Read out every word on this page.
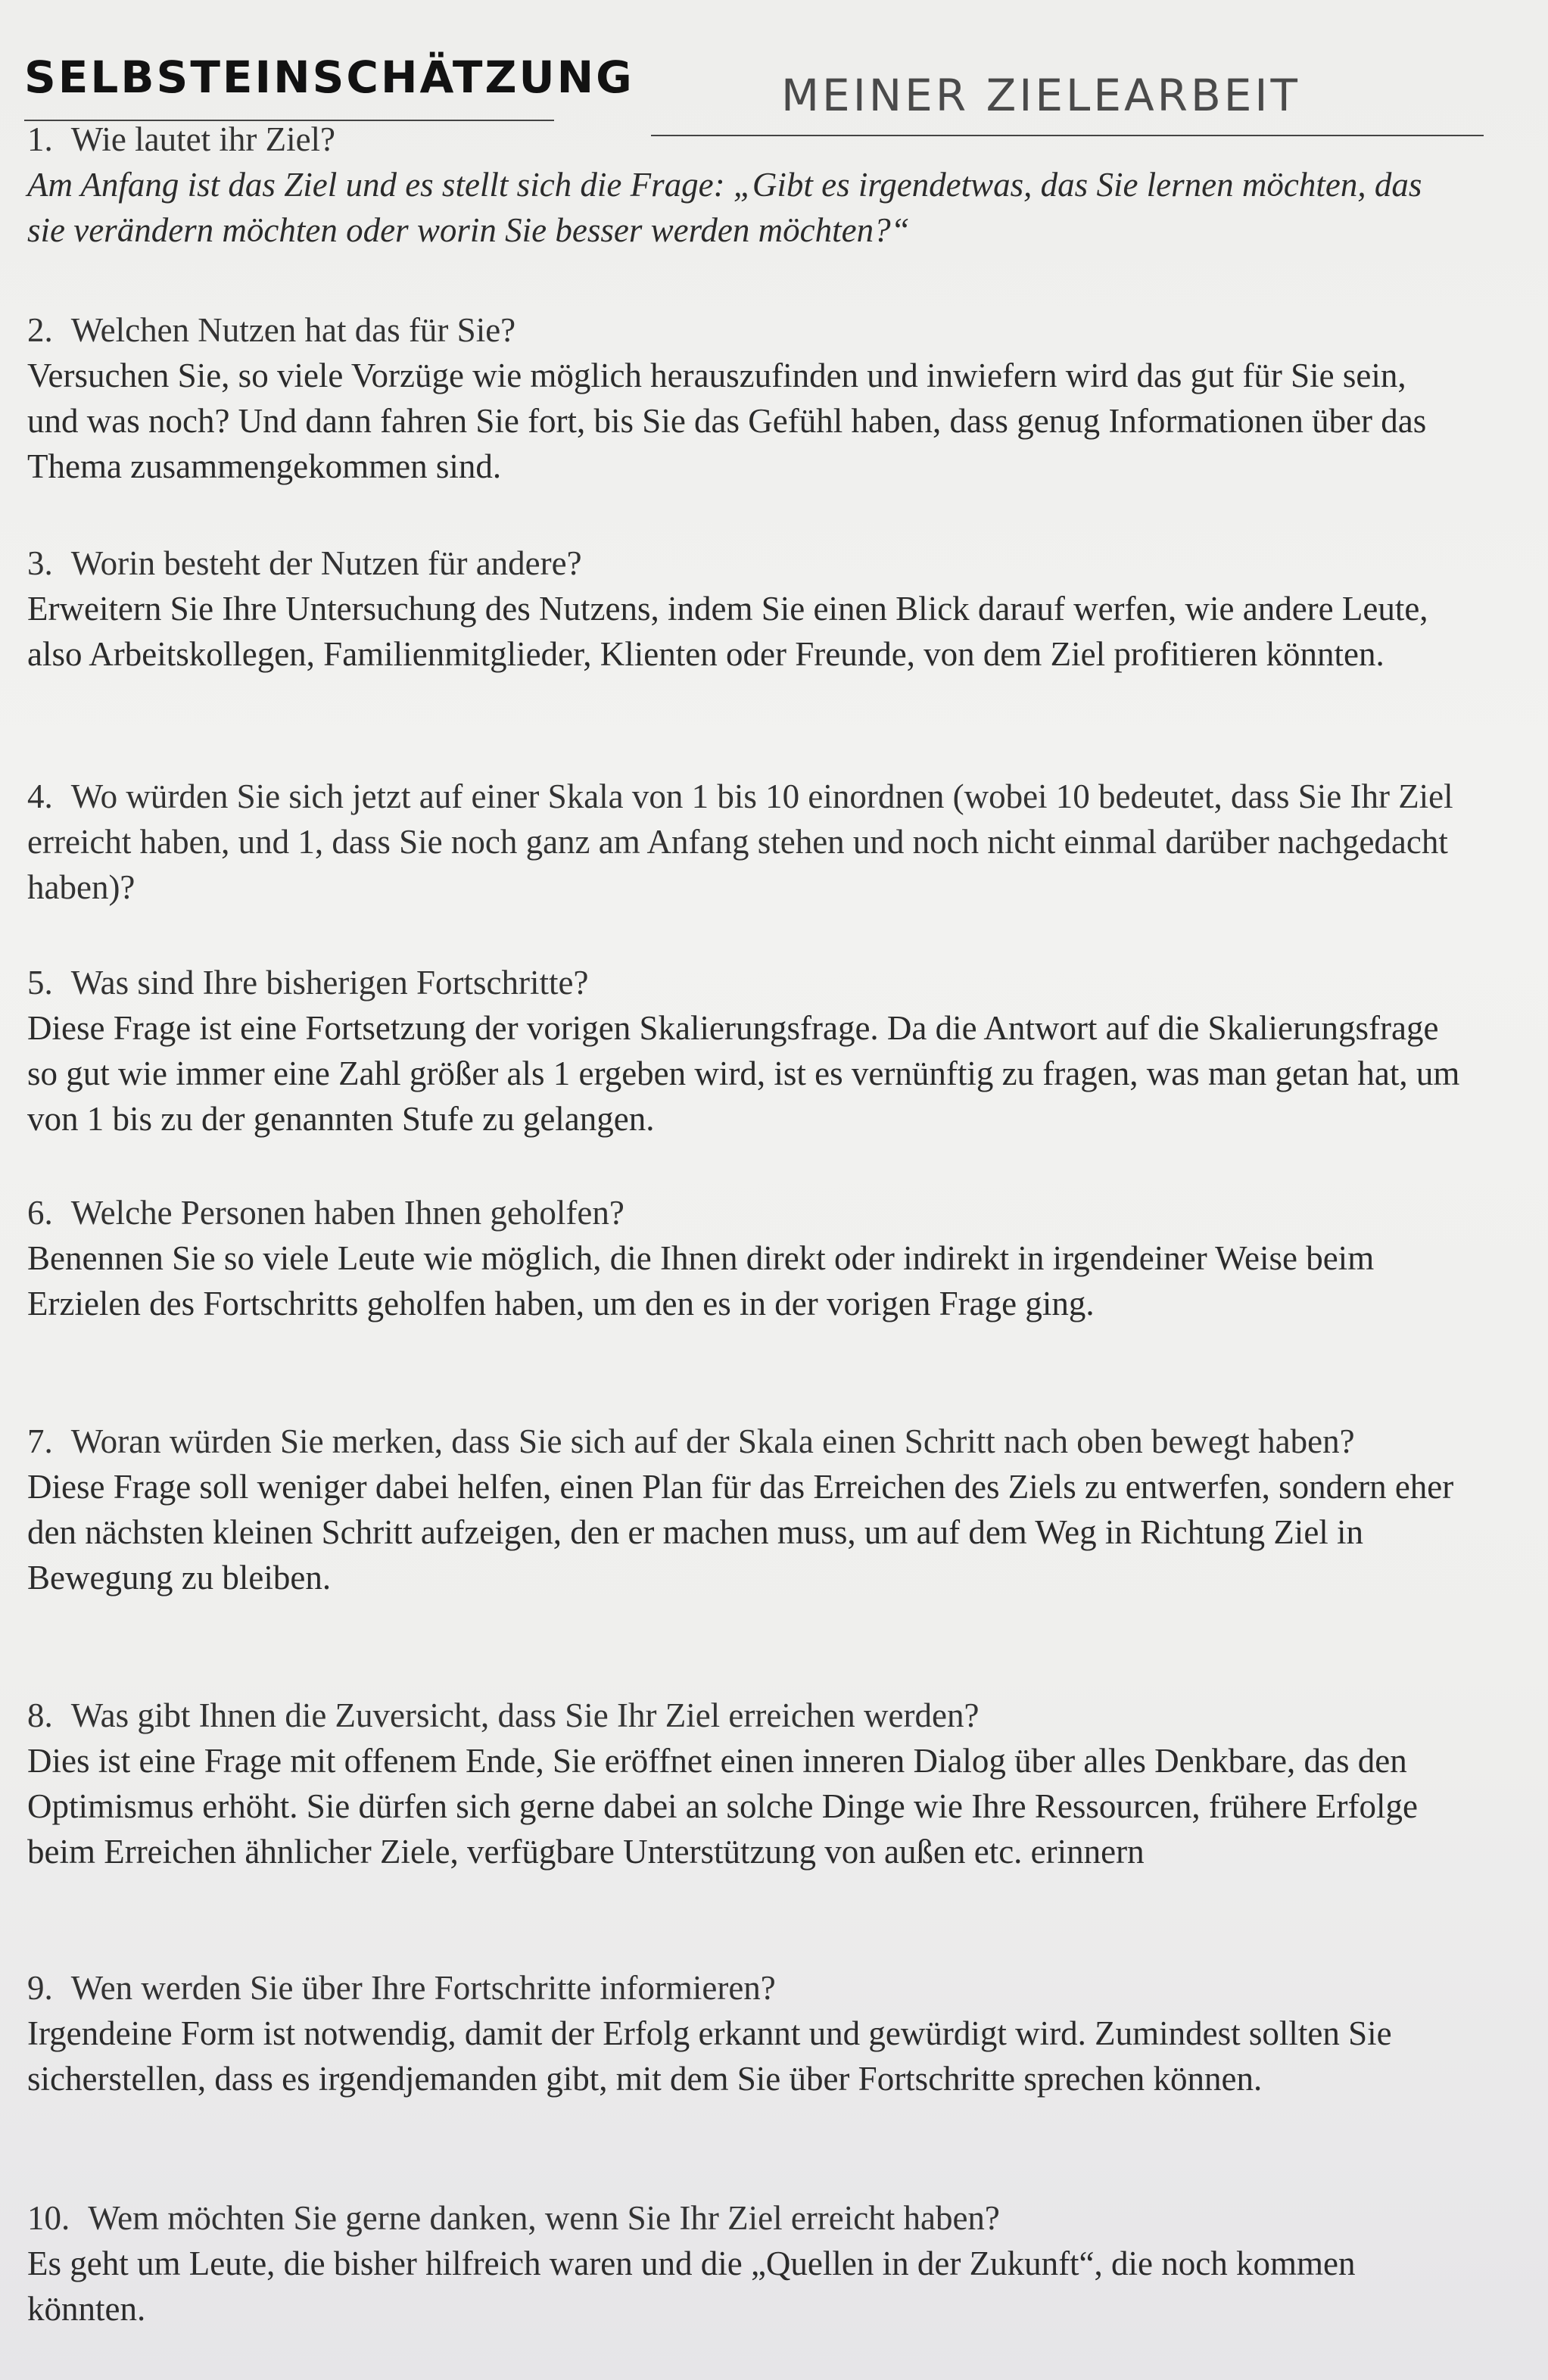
SELBSTEINSCHÄTZUNG	MEINER ZIELEARBEIT
1. Wie lautet ihr Ziel?
Am Anfang ist das Ziel und es stellt sich die Frage: „Gibt es irgendetwas, das Sie lernen möchten, das sie verändern möchten oder worin Sie besser werden möchten?“
2. Welchen Nutzen hat das für Sie?
Versuchen Sie, so viele Vorzüge wie möglich herauszufinden und inwiefern wird das gut für Sie sein, und was noch? Und dann fahren Sie fort, bis Sie das Gefühl haben, dass genug Informationen über das Thema zusammengekommen sind.
3. Worin besteht der Nutzen für andere?
Erweitern Sie Ihre Untersuchung des Nutzens, indem Sie einen Blick darauf werfen, wie andere Leute, also Arbeitskollegen, Familienmitglieder, Klienten oder Freunde, von dem Ziel profitieren könnten.
4. Wo würden Sie sich jetzt auf einer Skala von 1 bis 10 einordnen (wobei 10 bedeutet, dass Sie Ihr Ziel erreicht haben, und 1, dass Sie noch ganz am Anfang stehen und noch nicht einmal darüber nachgedacht haben)?
5. Was sind Ihre bisherigen Fortschritte?
Diese Frage ist eine Fortsetzung der vorigen Skalierungsfrage. Da die Antwort auf die Skalierungsfrage so gut wie immer eine Zahl größer als 1 ergeben wird, ist es vernünftig zu fragen, was man getan hat, um von 1 bis zu der genannten Stufe zu gelangen.
6. Welche Personen haben Ihnen geholfen?
Benennen Sie so viele Leute wie möglich, die Ihnen direkt oder indirekt in irgendeiner Weise beim Erzielen des Fortschritts geholfen haben, um den es in der vorigen Frage ging.
7. Woran würden Sie merken, dass Sie sich auf der Skala einen Schritt nach oben bewegt haben?
Diese Frage soll weniger dabei helfen, einen Plan für das Erreichen des Ziels zu entwerfen, sondern eher den nächsten kleinen Schritt aufzeigen, den er machen muss, um auf dem Weg in Richtung Ziel in Bewegung zu bleiben.
8. Was gibt Ihnen die Zuversicht, dass Sie Ihr Ziel erreichen werden?
Dies ist eine Frage mit offenem Ende, Sie eröffnet einen inneren Dialog über alles Denkbare, das den Optimismus erhöht. Sie dürfen sich gerne dabei an solche Dinge wie Ihre Ressourcen, frühere Erfolge beim Erreichen ähnlicher Ziele, verfügbare Unterstützung von außen etc. erinnern
9. Wen werden Sie über Ihre Fortschritte informieren?
Irgendeine Form ist notwendig, damit der Erfolg erkannt und gewürdigt wird. Zumindest sollten Sie sicherstellen, dass es irgendjemanden gibt, mit dem Sie über Fortschritte sprechen können.
10. Wem möchten Sie gerne danken, wenn Sie Ihr Ziel erreicht haben?
Es geht um Leute, die bisher hilfreich waren und die „Quellen in der Zukunft“, die noch kommen könnten.
